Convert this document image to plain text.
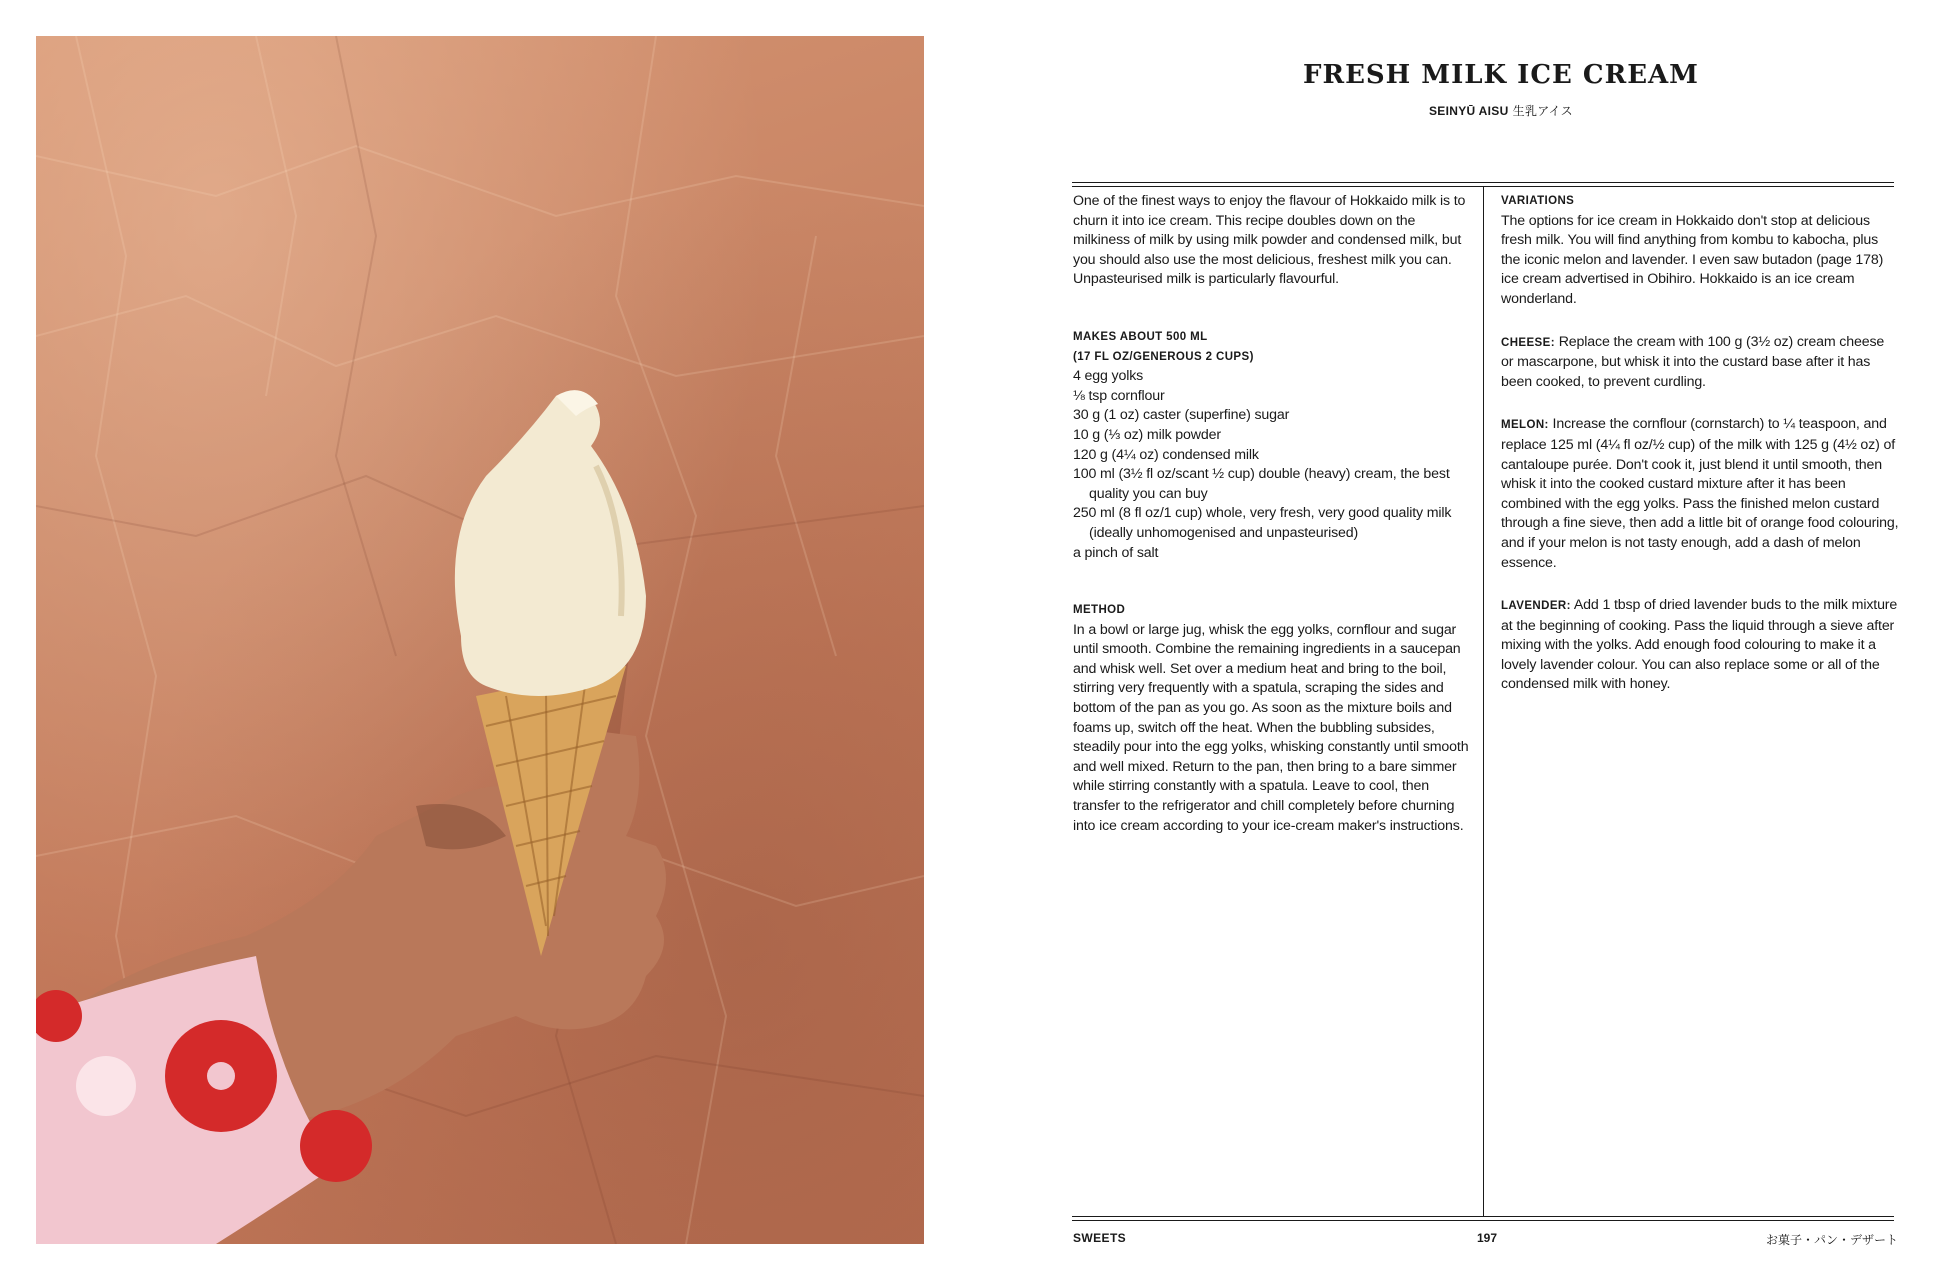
FRESH MILK ICE CREAM
SEINYŪ AISU 生乳アイス

One of the finest ways to enjoy the flavour of Hokkaido milk is to churn it into ice cream. This recipe doubles down on the milkiness of milk by using milk powder and condensed milk, but you should also use the most delicious, freshest milk you can. Unpasteurised milk is particularly flavourful.

MAKES ABOUT 500 ML

(17 FL OZ/GENEROUS 2 CUPS)

4 egg yolks
⅛ tsp cornflour
30 g (1 oz) caster (superfine) sugar
10 g (⅓ oz) milk powder
120 g (4¼ oz) condensed milk
100 ml (3½ fl oz/scant ½ cup) double (heavy) cream, the best quality you can buy
250 ml (8 fl oz/1 cup) whole, very fresh, very good quality milk (ideally unhomogenised and unpasteurised)
a pinch of salt

METHOD

In a bowl or large jug, whisk the egg yolks, cornflour and sugar until smooth. Combine the remaining ingredients in a saucepan and whisk well. Set over a medium heat and bring to the boil, stirring very frequently with a spatula, scraping the sides and bottom of the pan as you go. As soon as the mixture boils and foams up, switch off the heat. When the bubbling subsides, steadily pour into the egg yolks, whisking constantly until smooth and well mixed. Return to the pan, then bring to a bare simmer while stirring constantly with a spatula. Leave to cool, then transfer to the refrigerator and chill completely before churning into ice cream according to your ice-cream maker's instructions.

VARIATIONS

The options for ice cream in Hokkaido don't stop at delicious fresh milk. You will find anything from kombu to kabocha, plus the iconic melon and lavender. I even saw butadon (page 178) ice cream advertised in Obihiro. Hokkaido is an ice cream wonderland.

CHEESE: Replace the cream with 100 g (3½ oz) cream cheese or mascarpone, but whisk it into the custard base after it has been cooked, to prevent curdling.

MELON: Increase the cornflour (cornstarch) to ¼ teaspoon, and replace 125 ml (4¼ fl oz/½ cup) of the milk with 125 g (4½ oz) of cantaloupe purée. Don't cook it, just blend it until smooth, then whisk it into the cooked custard mixture after it has been combined with the egg yolks. Pass the finished melon custard through a fine sieve, then add a little bit of orange food colouring, and if your melon is not tasty enough, add a dash of melon essence.

LAVENDER: Add 1 tbsp of dried lavender buds to the milk mixture at the beginning of cooking. Pass the liquid through a sieve after mixing with the yolks. Add enough food colouring to make it a lovely lavender colour. You can also replace some or all of the condensed milk with honey.

SWEETS	197	お菓子・パン・デザート
